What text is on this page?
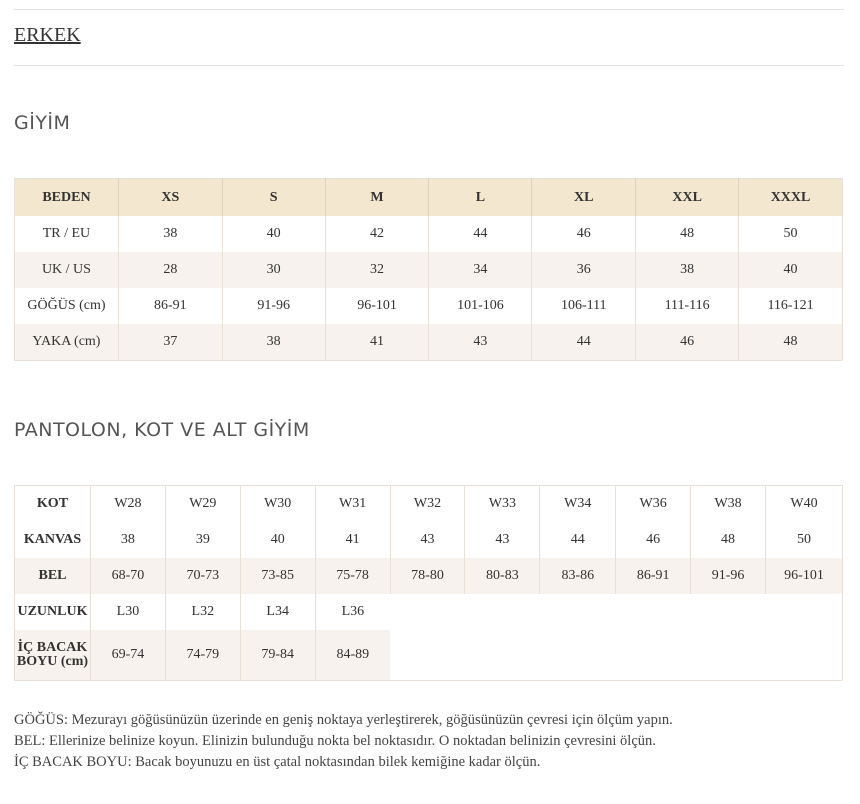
ERKEK
GİYİM
BEDEN	XS	S	M	L	XL	XXL	XXXL
TR / EU	38	40	42	44	46	48	50
UK / US	28	30	32	34	36	38	40
GÖĞÜS (cm)	86-91	91-96	96-101	101-106	106-111	111-116	116-121
YAKA (cm)	37	38	41	43	44	46	48
PANTOLON, KOT VE ALT GİYİM
KOT	W28	W29	W30	W31	W32	W33	W34	W36	W38	W40
KANVAS	38	39	40	41	43	43	44	46	48	50
BEL	68-70	70-73	73-85	75-78	78-80	80-83	83-86	86-91	91-96	96-101
UZUNLUK	L30	L32	L34	L36						
İÇ BACAK
BOYU (cm)	69-74	74-79	79-84	84-89						
GÖĞÜS: Mezurayı göğüsünüzün üzerinde en geniş noktaya yerleştirerek, göğüsünüzün çevresi için ölçüm yapın.
BEL: Ellerinize belinize koyun. Elinizin bulunduğu nokta bel noktasıdır. O noktadan belinizin çevresini ölçün.
İÇ BACAK BOYU: Bacak boyunuzu en üst çatal noktasından bilek kemiğine kadar ölçün.
